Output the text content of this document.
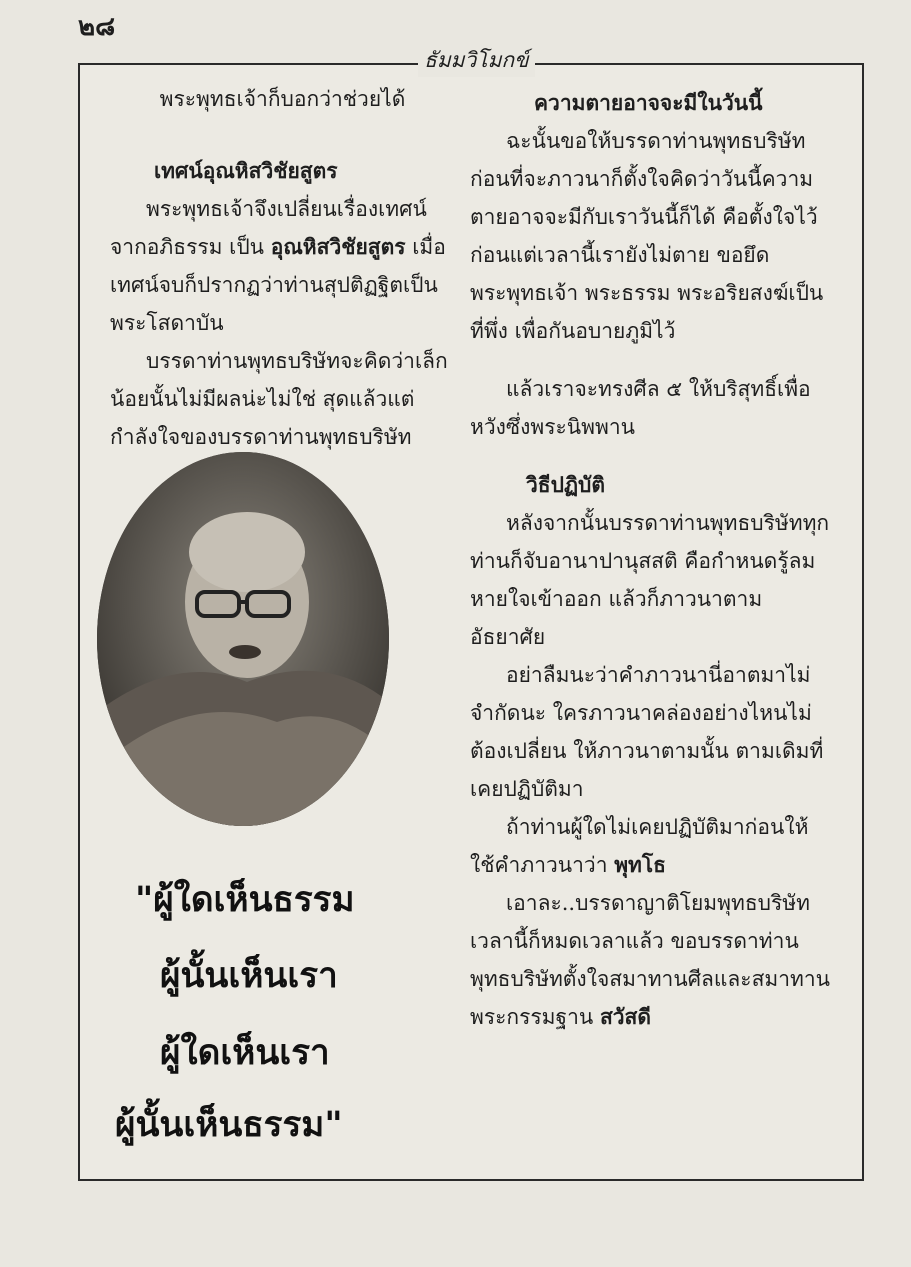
๒๘
ธัมมวิโมกข์

พระพุทธเจ้าก็บอกว่าช่วยได้

เทศน์อุณหิสวิชัยสูตร

พระพุทธเจ้าจึงเปลี่ยนเรื่องเทศน์จากอภิธรรม เป็น อุณหิสวิชัยสูตร เมื่อเทศน์จบก็ปรากฏว่าท่านสุปติฏฐิตเป็นพระโสดาบัน

บรรดาท่านพุทธบริษัทจะคิดว่าเล็กน้อยนั้นไม่มีผลน่ะไม่ใช่ สุดแล้วแต่กำลังใจของบรรดาท่านพุทธบริษัท

"ผู้ใดเห็นธรรม
ผู้นั้นเห็นเรา
ผู้ใดเห็นเรา
ผู้นั้นเห็นธรรม"

ความตายอาจจะมีในวันนี้

ฉะนั้นขอให้บรรดาท่านพุทธบริษัทก่อนที่จะภาวนาก็ตั้งใจคิดว่าวันนี้ความตายอาจจะมีกับเราวันนี้ก็ได้ คือตั้งใจไว้ก่อนแต่เวลานี้เรายังไม่ตาย ขอยึดพระพุทธเจ้า พระธรรม พระอริยสงฆ์เป็นที่พึ่ง เพื่อกันอบายภูมิไว้

แล้วเราจะทรงศีล ๕ ให้บริสุทธิ์เพื่อหวังซึ่งพระนิพพาน

วิธีปฏิบัติ

หลังจากนั้นบรรดาท่านพุทธบริษัททุกท่านก็จับอานาปานุสสติ คือกำหนดรู้ลมหายใจเข้าออก แล้วก็ภาวนาตามอัธยาศัย

อย่าลืมนะว่าคำภาวนานี่อาตมาไม่จำกัดนะ ใครภาวนาคล่องอย่างไหนไม่ต้องเปลี่ยน ให้ภาวนาตามนั้น ตามเดิมที่เคยปฏิบัติมา

ถ้าท่านผู้ใดไม่เคยปฏิบัติมาก่อนให้ใช้คำภาวนาว่า พุทโธ

เอาละ..บรรดาญาติโยมพุทธบริษัท เวลานี้ก็หมดเวลาแล้ว ขอบรรดาท่านพุทธบริษัทตั้งใจสมาทานศีลและสมาทานพระกรรมฐาน สวัสดี
